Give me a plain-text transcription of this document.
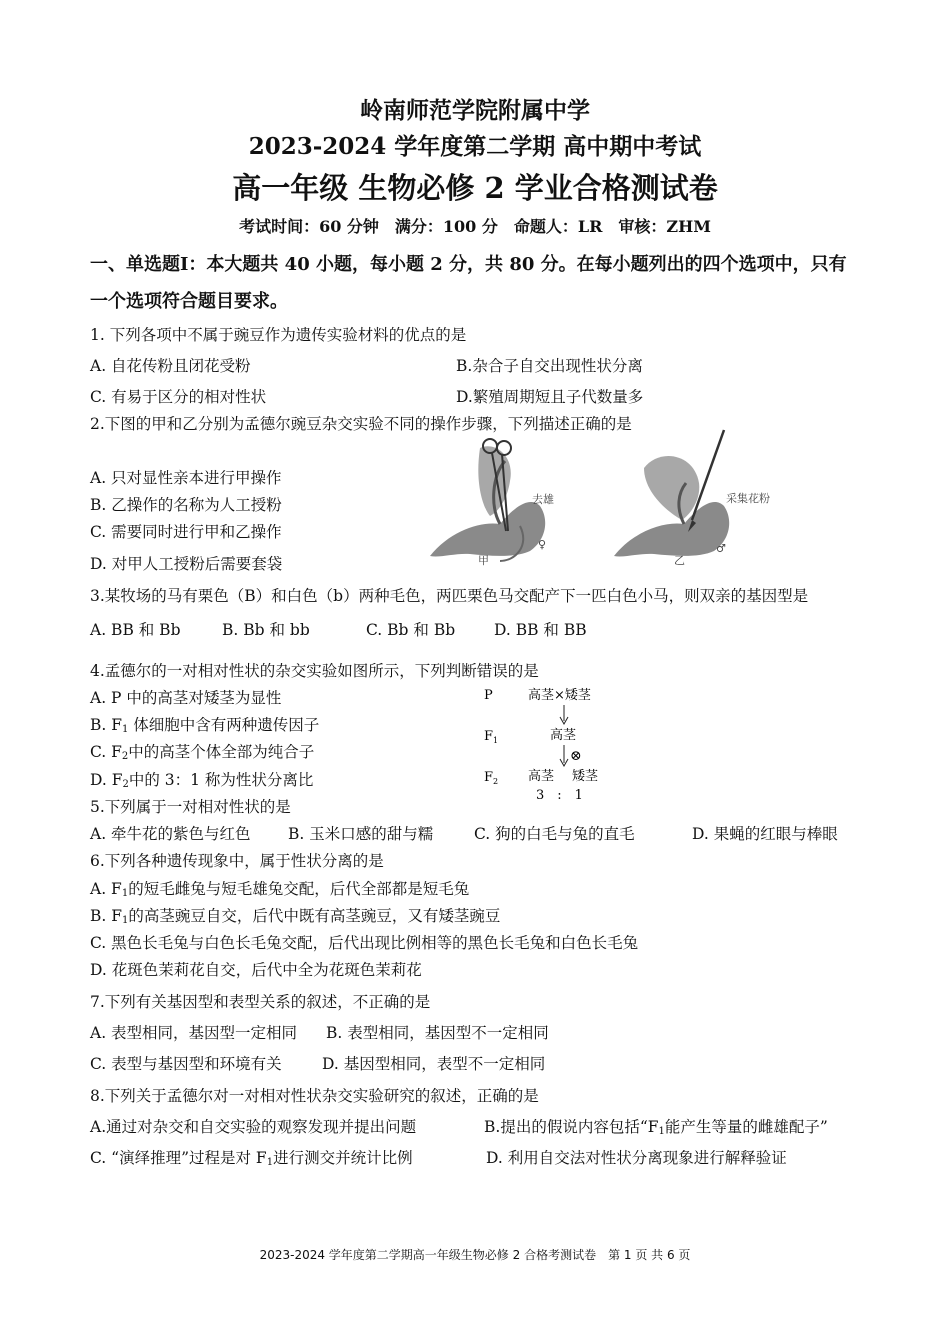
岭南师范学院附属中学
2023-2024 学年度第二学期 高中期中考试
高一年级 生物必修 2 学业合格测试卷
考试时间：60 分钟　满分：100 分　命题人：LR　审核：ZHM
一、单选题I：本大题共 40 小题，每小题 2 分，共 80 分。在每小题列出的四个选项中，只有
一个选项符合题目要求。
1. 下列各项中不属于豌豆作为遗传实验材料的优点的是
A. 自花传粉且闭花受粉	B.杂合子自交出现性状分离
C. 有易于区分的相对性状	D.繁殖周期短且子代数量多
2.下图的甲和乙分别为孟德尔豌豆杂交实验不同的操作步骤，下列描述正确的是
A. 只对显性亲本进行甲操作
B. 乙操作的名称为人工授粉
C. 需要同时进行甲和乙操作
D. 对甲人工授粉后需要套袋
去雄
甲
♀
采集花粉
乙
♂
3.某牧场的马有栗色（B）和白色（b）两种毛色，两匹栗色马交配产下一匹白色小马，则双亲的基因型是
A. BB 和 Bb	B. Bb 和 bb	C. Bb 和 Bb	D. BB 和 BB
4.孟德尔的一对相对性状的杂交实验如图所示，下列判断错误的是
A. P 中的高茎对矮茎为显性
B. $F_1$ 体细胞中含有两种遗传因子
C. $F_2$中的高茎个体全部为纯合子
D. $F_2$中的 3：1 称为性状分离比
P	高茎×矮茎
$F_1$	高茎
⊗
$F_2$ 高茎 矮茎
3　:　1
5.下列属于一对相对性状的是
A. 牵牛花的紫色与红色 B. 玉米口感的甜与糯	C. 狗的白毛与兔的直毛	D. 果蝇的红眼与棒眼
6.下列各种遗传现象中，属于性状分离的是
A. $F_1$的短毛雌兔与短毛雄兔交配，后代全部都是短毛兔
B. $F_1$的高茎豌豆自交，后代中既有高茎豌豆，又有矮茎豌豆
C. 黑色长毛兔与白色长毛兔交配，后代出现比例相等的黑色长毛兔和白色长毛兔
D. 花斑色茉莉花自交，后代中全为花斑色茉莉花
7.下列有关基因型和表型关系的叙述，不正确的是
A. 表型相同，基因型一定相同 B. 表型相同，基因型不一定相同
C. 表型与基因型和环境有关	D. 基因型相同，表型不一定相同
8.下列关于孟德尔对一对相对性状杂交实验研究的叙述，正确的是
A.通过对杂交和自交实验的观察发现并提出问题	B.提出的假说内容包括“$F_1$能产生等量的雌雄配子”
C. “演绎推理”过程是对 $F_1$进行测交并统计比例	D. 利用自交法对性状分离现象进行解释验证
2023-2024 学年度第二学期高一年级生物必修 2 合格考测试卷　第 1 页 共 6 页
